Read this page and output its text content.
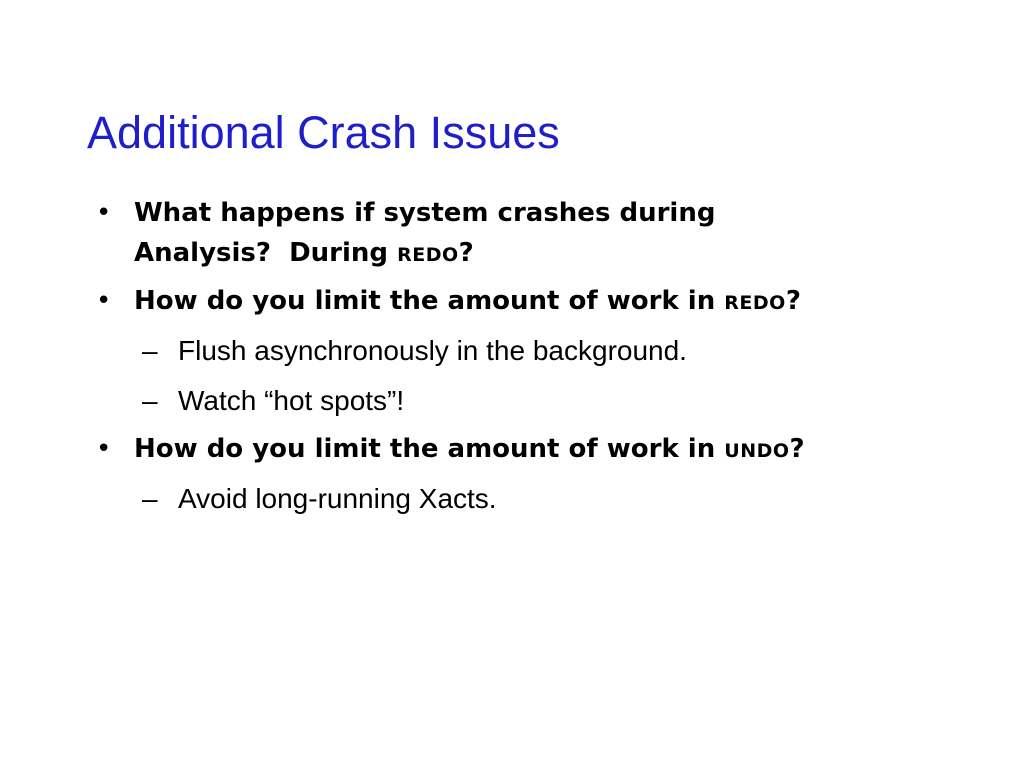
Additional Crash Issues
• What happens if system crashes during
Analysis?  During REDO?
• How do you limit the amount of work in REDO?
– Flush asynchronously in the background.
– Watch “hot spots”!
• How do you limit the amount of work in UNDO?
– Avoid long-running Xacts.
